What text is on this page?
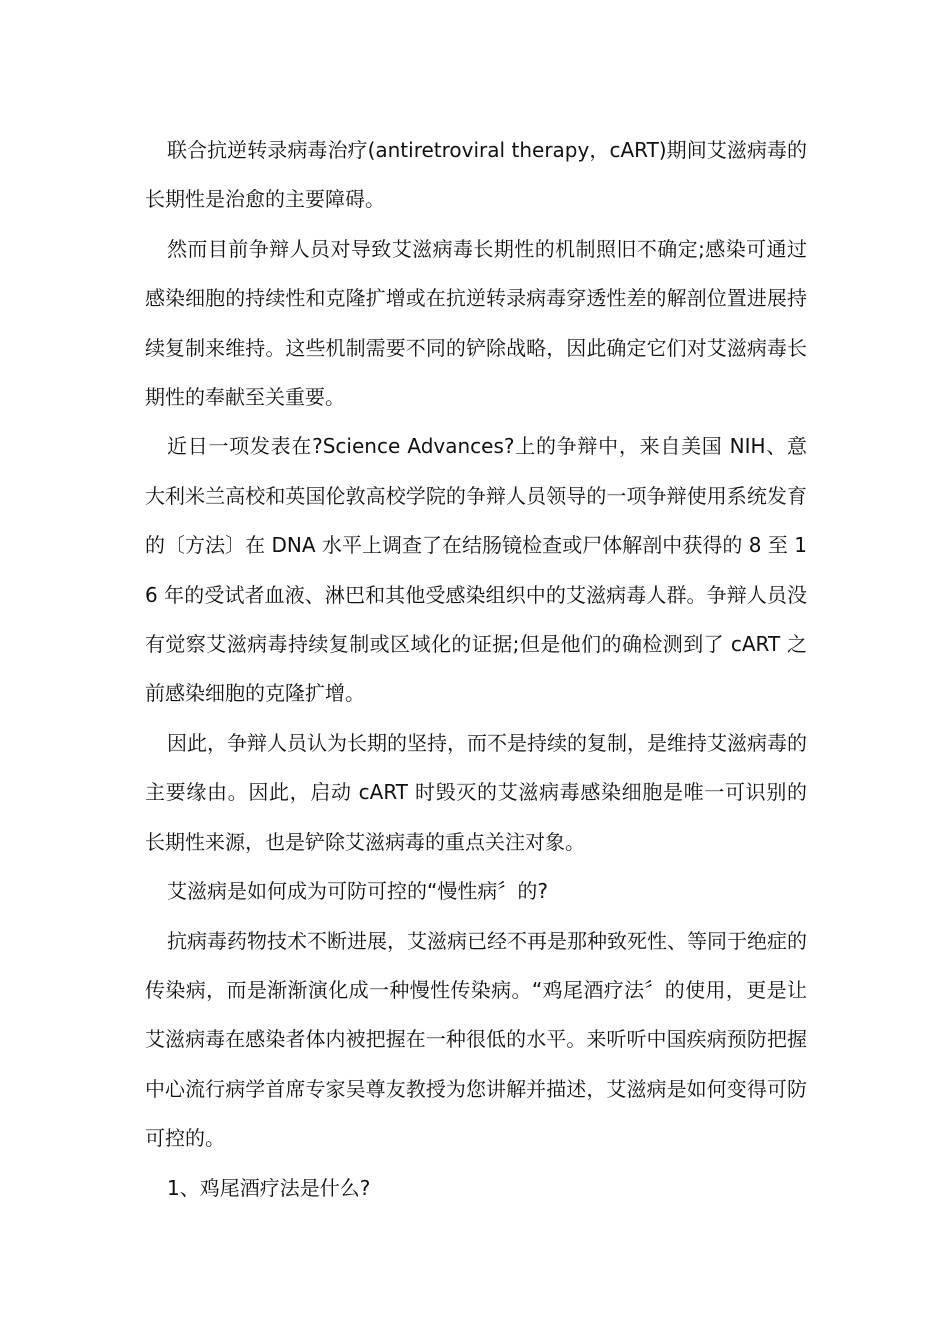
联合抗逆转录病毒治疗(antiretroviral therapy，cART)期间艾滋病毒的长期性是治愈的主要障碍。

然而目前争辩人员对导致艾滋病毒长期性的机制照旧不确定;感染可通过感染细胞的持续性和克隆扩增或在抗逆转录病毒穿透性差的解剖位置进展持续复制来维持。这些机制需要不同的铲除战略，因此确定它们对艾滋病毒长期性的奉献至关重要。

近日一项发表在?Science Advances?上的争辩中，来自美国 NIH、意大利米兰高校和英国伦敦高校学院的争辩人员领导的一项争辩使用系统发育的〔方法〕在 DNA 水平上调查了在结肠镜检查或尸体解剖中获得的 8 至 16 年的受试者血液、淋巴和其他受感染组织中的艾滋病毒人群。争辩人员没有觉察艾滋病毒持续复制或区域化的证据;但是他们的确检测到了 cART 之前感染细胞的克隆扩增。

因此，争辩人员认为长期的坚持，而不是持续的复制，是维持艾滋病毒的主要缘由。因此，启动 cART 时毁灭的艾滋病毒感染细胞是唯一可识别的长期性来源，也是铲除艾滋病毒的重点关注对象。

艾滋病是如何成为可防可控的“慢性病〞的?

抗病毒药物技术不断进展，艾滋病已经不再是那种致死性、等同于绝症的传染病，而是渐渐演化成一种慢性传染病。“鸡尾酒疗法〞的使用，更是让艾滋病毒在感染者体内被把握在一种很低的水平。来听听中国疾病预防把握中心流行病学首席专家吴尊友教授为您讲解并描述，艾滋病是如何变得可防可控的。

1、鸡尾酒疗法是什么?
